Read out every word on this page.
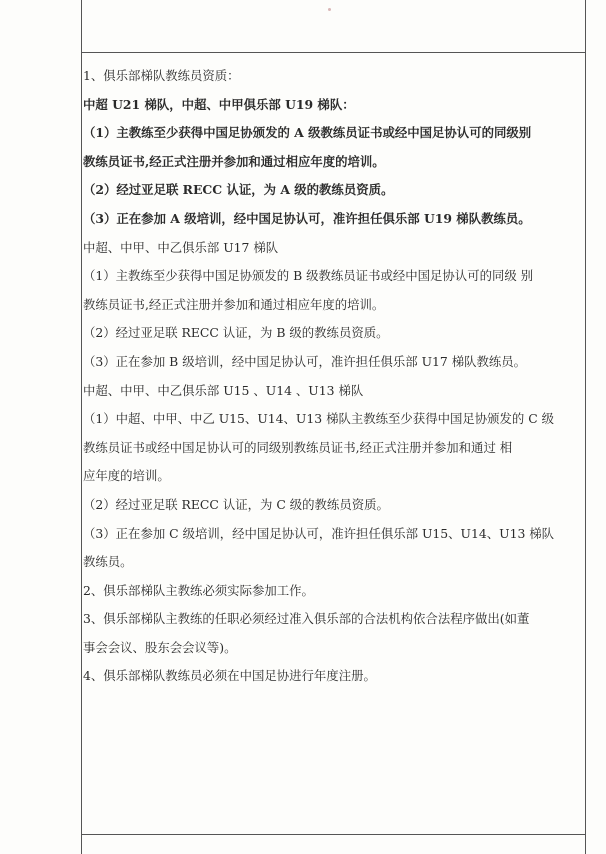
1、俱乐部梯队教练员资质：
中超 U21 梯队，中超、中甲俱乐部 U19 梯队：
（1）主教练至少获得中国足协颁发的 A 级教练员证书或经中国足协认可的同级别
教练员证书,经正式注册并参加和通过相应年度的培训。
（2）经过亚足联 RECC 认证，为 A 级的教练员资质。
（3）正在参加 A 级培训，经中国足协认可，准许担任俱乐部 U19 梯队教练员。
中超、中甲、中乙俱乐部 U17 梯队
（1）主教练至少获得中国足协颁发的 B 级教练员证书或经中国足协认可的同级 别
教练员证书,经正式注册并参加和通过相应年度的培训。
（2）经过亚足联 RECC 认证，为 B 级的教练员资质。
（3）正在参加 B 级培训，经中国足协认可，准许担任俱乐部 U17 梯队教练员。
中超、中甲、中乙俱乐部 U15 、U14 、U13 梯队
（1）中超、中甲、中乙 U15、U14、U13 梯队主教练至少获得中国足协颁发的 C 级
教练员证书或经中国足协认可的同级别教练员证书,经正式注册并参加和通过 相
应年度的培训。
（2）经过亚足联 RECC 认证，为 C 级的教练员资质。
（3）正在参加 C 级培训，经中国足协认可，准许担任俱乐部 U15、U14、U13 梯队
教练员。
2、俱乐部梯队主教练必须实际参加工作。
3、俱乐部梯队主教练的任职必须经过准入俱乐部的合法机构依合法程序做出(如董
事会会议、股东会会议等)。
4、俱乐部梯队教练员必须在中国足协进行年度注册。
